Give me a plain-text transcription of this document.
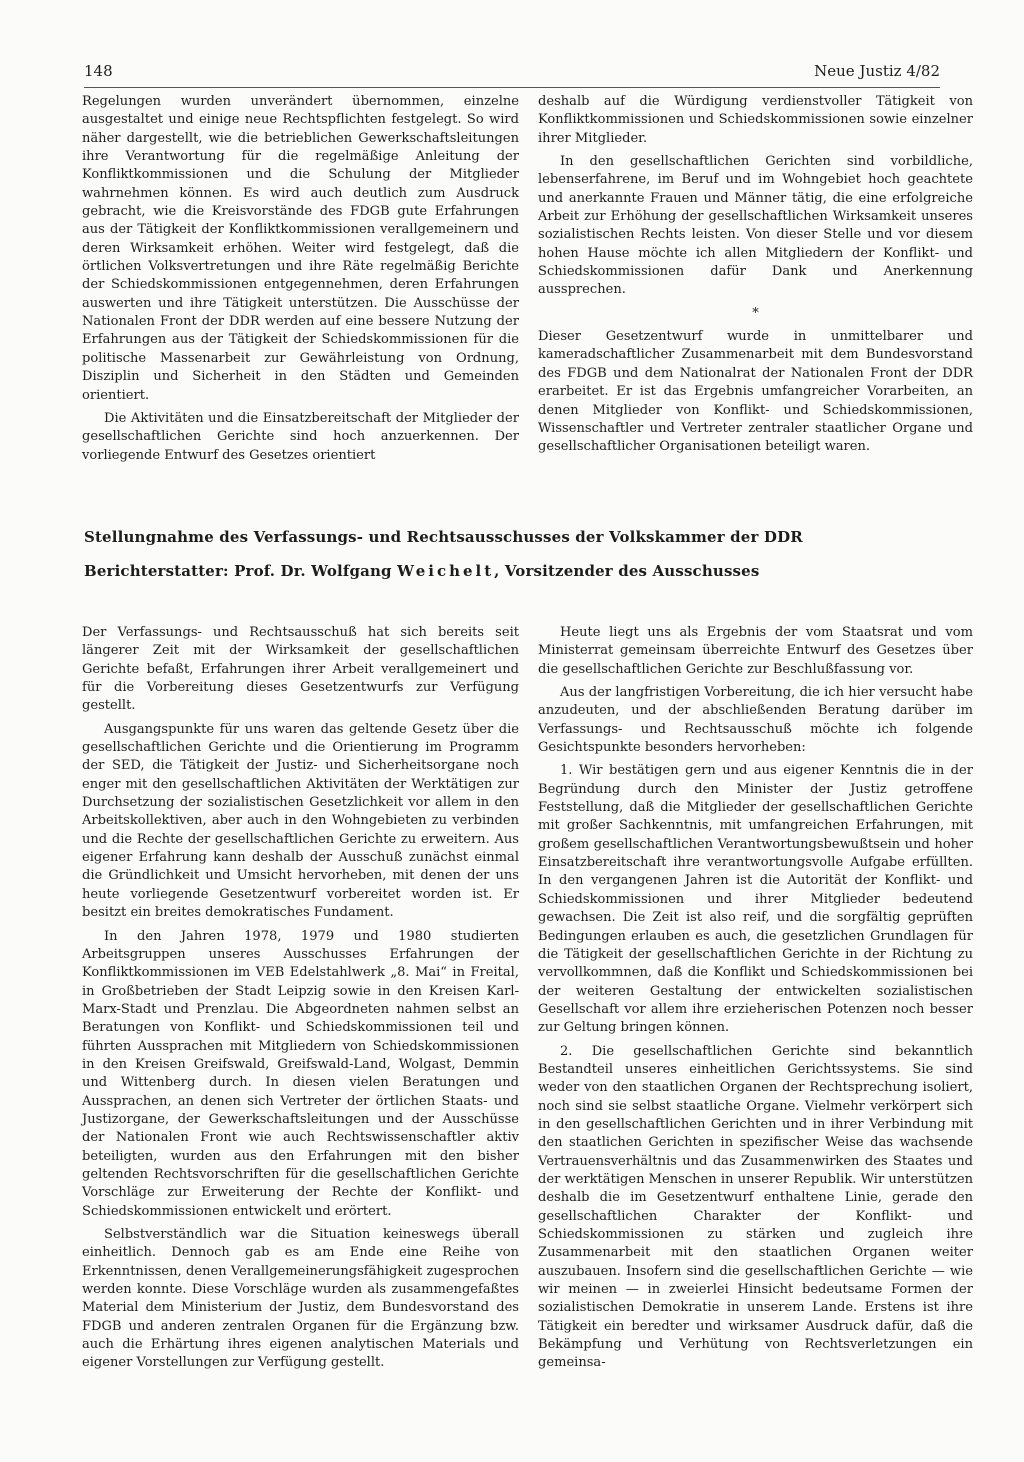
148	Neue Justiz 4/82

Regelungen wurden unverändert übernommen, einzelne ausgestaltet und einige neue Rechtspflichten festgelegt. So wird näher dargestellt, wie die betrieblichen Gewerkschaftsleitungen ihre Verantwortung für die regelmäßige Anleitung der Konfliktkommissionen und die Schulung der Mitglieder wahrnehmen können. Es wird auch deutlich zum Ausdruck gebracht, wie die Kreisvorstände des FDGB gute Erfahrungen aus der Tätigkeit der Konfliktkommissionen verallgemeinern und deren Wirksamkeit erhöhen. Weiter wird festgelegt, daß die örtlichen Volksvertretungen und ihre Räte regelmäßig Berichte der Schiedskommissionen entgegennehmen, deren Erfahrungen auswerten und ihre Tätigkeit unterstützen. Die Ausschüsse der Nationalen Front der DDR werden auf eine bessere Nutzung der Erfahrungen aus der Tätigkeit der Schiedskommissionen für die politische Massenarbeit zur Gewährleistung von Ordnung, Disziplin und Sicherheit in den Städten und Gemeinden orientiert.

Die Aktivitäten und die Einsatzbereitschaft der Mitglieder der gesellschaftlichen Gerichte sind hoch anzuerkennen. Der vorliegende Entwurf des Gesetzes orientiert

deshalb auf die Würdigung verdienstvoller Tätigkeit von Konfliktkommissionen und Schiedskommissionen sowie einzelner ihrer Mitglieder.

In den gesellschaftlichen Gerichten sind vorbildliche, lebenserfahrene, im Beruf und im Wohngebiet hoch geachtete und anerkannte Frauen und Männer tätig, die eine erfolgreiche Arbeit zur Erhöhung der gesellschaftlichen Wirksamkeit unseres sozialistischen Rechts leisten. Von dieser Stelle und vor diesem hohen Hause möchte ich allen Mitgliedern der Konflikt- und Schiedskommissionen dafür Dank und Anerkennung aussprechen.

*

Dieser Gesetzentwurf wurde in unmittelbarer und kameradschaftlicher Zusammenarbeit mit dem Bundesvorstand des FDGB und dem Nationalrat der Nationalen Front der DDR erarbeitet. Er ist das Ergebnis umfangreicher Vorarbeiten, an denen Mitglieder von Konflikt- und Schiedskommissionen, Wissenschaftler und Vertreter zentraler staatlicher Organe und gesellschaftlicher Organisationen beteiligt waren.

Stellungnahme des Verfassungs- und Rechtsausschusses der Volkskammer der DDR
Berichterstatter: Prof. Dr. Wolfgang Weichelt, Vorsitzender des Ausschusses

Der Verfassungs- und Rechtsausschuß hat sich bereits seit längerer Zeit mit der Wirksamkeit der gesellschaftlichen Gerichte befaßt, Erfahrungen ihrer Arbeit verallgemeinert und für die Vorbereitung dieses Gesetzentwurfs zur Verfügung gestellt.

Ausgangspunkte für uns waren das geltende Gesetz über die gesellschaftlichen Gerichte und die Orientierung im Programm der SED, die Tätigkeit der Justiz- und Sicherheitsorgane noch enger mit den gesellschaftlichen Aktivitäten der Werktätigen zur Durchsetzung der sozialistischen Gesetzlichkeit vor allem in den Arbeitskollektiven, aber auch in den Wohngebieten zu verbinden und die Rechte der gesellschaftlichen Gerichte zu erweitern. Aus eigener Erfahrung kann deshalb der Ausschuß zunächst einmal die Gründlichkeit und Umsicht hervorheben, mit denen der uns heute vorliegende Gesetzentwurf vorbereitet worden ist. Er besitzt ein breites demokratisches Fundament.

In den Jahren 1978, 1979 und 1980 studierten Arbeitsgruppen unseres Ausschusses Erfahrungen der Konfliktkommissionen im VEB Edelstahlwerk „8. Mai“ in Freital, in Großbetrieben der Stadt Leipzig sowie in den Kreisen Karl-Marx-Stadt und Prenzlau. Die Abgeordneten nahmen selbst an Beratungen von Konflikt- und Schiedskommissionen teil und führten Aussprachen mit Mitgliedern von Schiedskommissionen in den Kreisen Greifswald, Greifswald-Land, Wolgast, Demmin und Wittenberg durch. In diesen vielen Beratungen und Aussprachen, an denen sich Vertreter der örtlichen Staats- und Justizorgane, der Gewerkschaftsleitungen und der Ausschüsse der Nationalen Front wie auch Rechtswissenschaftler aktiv beteiligten, wurden aus den Erfahrungen mit den bisher geltenden Rechtsvorschriften für die gesellschaftlichen Gerichte Vorschläge zur Erweiterung der Rechte der Konflikt- und Schiedskommissionen entwickelt und erörtert.

Selbstverständlich war die Situation keineswegs überall einheitlich. Dennoch gab es am Ende eine Reihe von Erkenntnissen, denen Verallgemeinerungsfähigkeit zugesprochen werden konnte. Diese Vorschläge wurden als zusammengefaßtes Material dem Ministerium der Justiz, dem Bundesvorstand des FDGB und anderen zentralen Organen für die Ergänzung bzw. auch die Erhärtung ihres eigenen analytischen Materials und eigener Vorstellungen zur Verfügung gestellt.

Heute liegt uns als Ergebnis der vom Staatsrat und vom Ministerrat gemeinsam überreichte Entwurf des Gesetzes über die gesellschaftlichen Gerichte zur Beschlußfassung vor.

Aus der langfristigen Vorbereitung, die ich hier versucht habe anzudeuten, und der abschließenden Beratung darüber im Verfassungs- und Rechtsausschuß möchte ich folgende Gesichtspunkte besonders hervorheben:

1. Wir bestätigen gern und aus eigener Kenntnis die in der Begründung durch den Minister der Justiz getroffene Feststellung, daß die Mitglieder der gesellschaftlichen Gerichte mit großer Sachkenntnis, mit umfangreichen Erfahrungen, mit großem gesellschaftlichen Verantwortungsbewußtsein und hoher Einsatzbereitschaft ihre verantwortungsvolle Aufgabe erfüllten. In den vergangenen Jahren ist die Autorität der Konflikt- und Schiedskommissionen und ihrer Mitglieder bedeutend gewachsen. Die Zeit ist also reif, und die sorgfältig geprüften Bedingungen erlauben es auch, die gesetzlichen Grundlagen für die Tätigkeit der gesellschaftlichen Gerichte in der Richtung zu vervollkommnen, daß die Konflikt und Schiedskommissionen bei der weiteren Gestaltung der entwickelten sozialistischen Gesellschaft vor allem ihre erzieherischen Potenzen noch besser zur Geltung bringen können.

2. Die gesellschaftlichen Gerichte sind bekanntlich Bestandteil unseres einheitlichen Gerichtssystems. Sie sind weder von den staatlichen Organen der Rechtsprechung isoliert, noch sind sie selbst staatliche Organe. Vielmehr verkörpert sich in den gesellschaftlichen Gerichten und in ihrer Verbindung mit den staatlichen Gerichten in spezifischer Weise das wachsende Vertrauensverhältnis und das Zusammenwirken des Staates und der werktätigen Menschen in unserer Republik. Wir unterstützen deshalb die im Gesetzentwurf enthaltene Linie, gerade den gesellschaftlichen Charakter der Konflikt- und Schiedskommissionen zu stärken und zugleich ihre Zusammenarbeit mit den staatlichen Organen weiter auszubauen. Insofern sind die gesellschaftlichen Gerichte — wie wir meinen — in zweierlei Hinsicht bedeutsame Formen der sozialistischen Demokratie in unserem Lande. Erstens ist ihre Tätigkeit ein beredter und wirksamer Ausdruck dafür, daß die Bekämpfung und Verhütung von Rechtsverletzungen ein gemeinsa-
